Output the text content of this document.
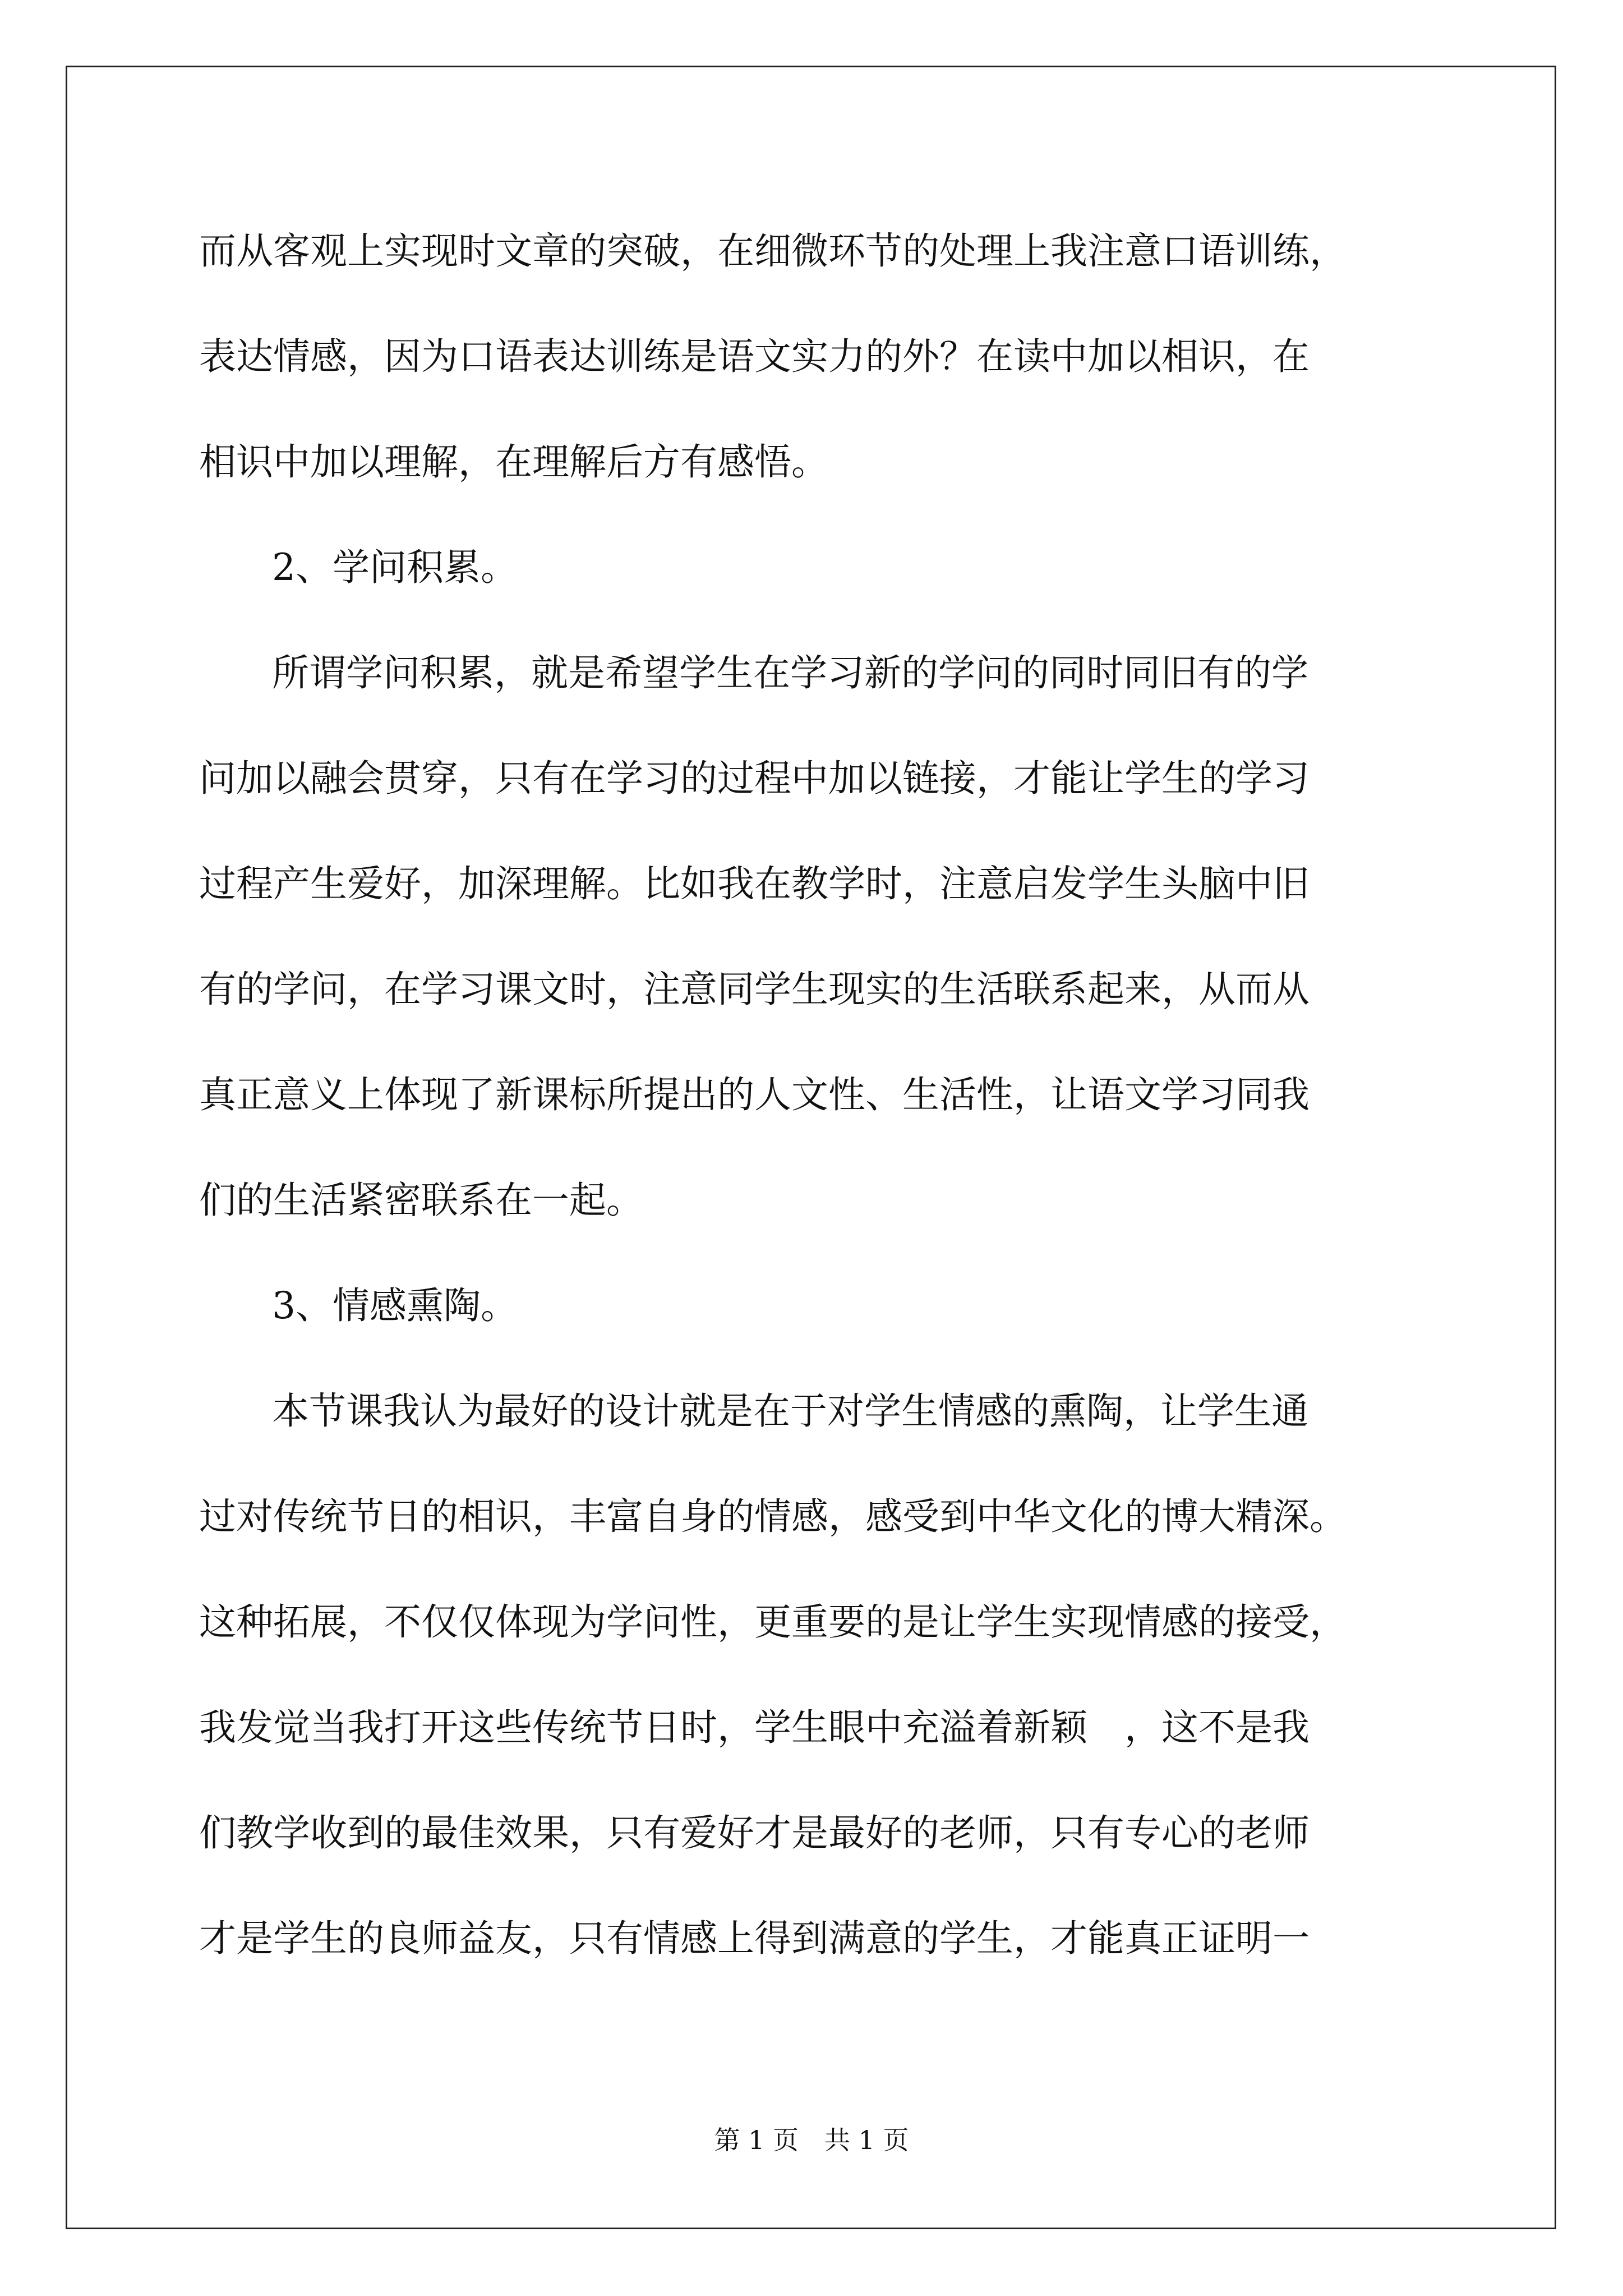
而从客观上实现时文章的突破，在细微环节的处理上我注意口语训练，
表达情感，因为口语表达训练是语文实力的外？在读中加以相识，在
相识中加以理解，在理解后方有感悟。
2、学问积累。
所谓学问积累，就是希望学生在学习新的学问的同时同旧有的学
问加以融会贯穿，只有在学习的过程中加以链接，才能让学生的学习
过程产生爱好，加深理解。比如我在教学时，注意启发学生头脑中旧
有的学问，在学习课文时，注意同学生现实的生活联系起来，从而从
真正意义上体现了新课标所提出的人文性、生活性，让语文学习同我
们的生活紧密联系在一起。
3、情感熏陶。
本节课我认为最好的设计就是在于对学生情感的熏陶，让学生通
过对传统节日的相识，丰富自身的情感，感受到中华文化的博大精深。
这种拓展，不仅仅体现为学问性，更重要的是让学生实现情感的接受，
我发觉当我打开这些传统节日时，学生眼中充溢着新颖　，这不是我
们教学收到的最佳效果，只有爱好才是最好的老师，只有专心的老师
才是学生的良师益友，只有情感上得到满意的学生，才能真正证明一
第 1 页　共 1 页
